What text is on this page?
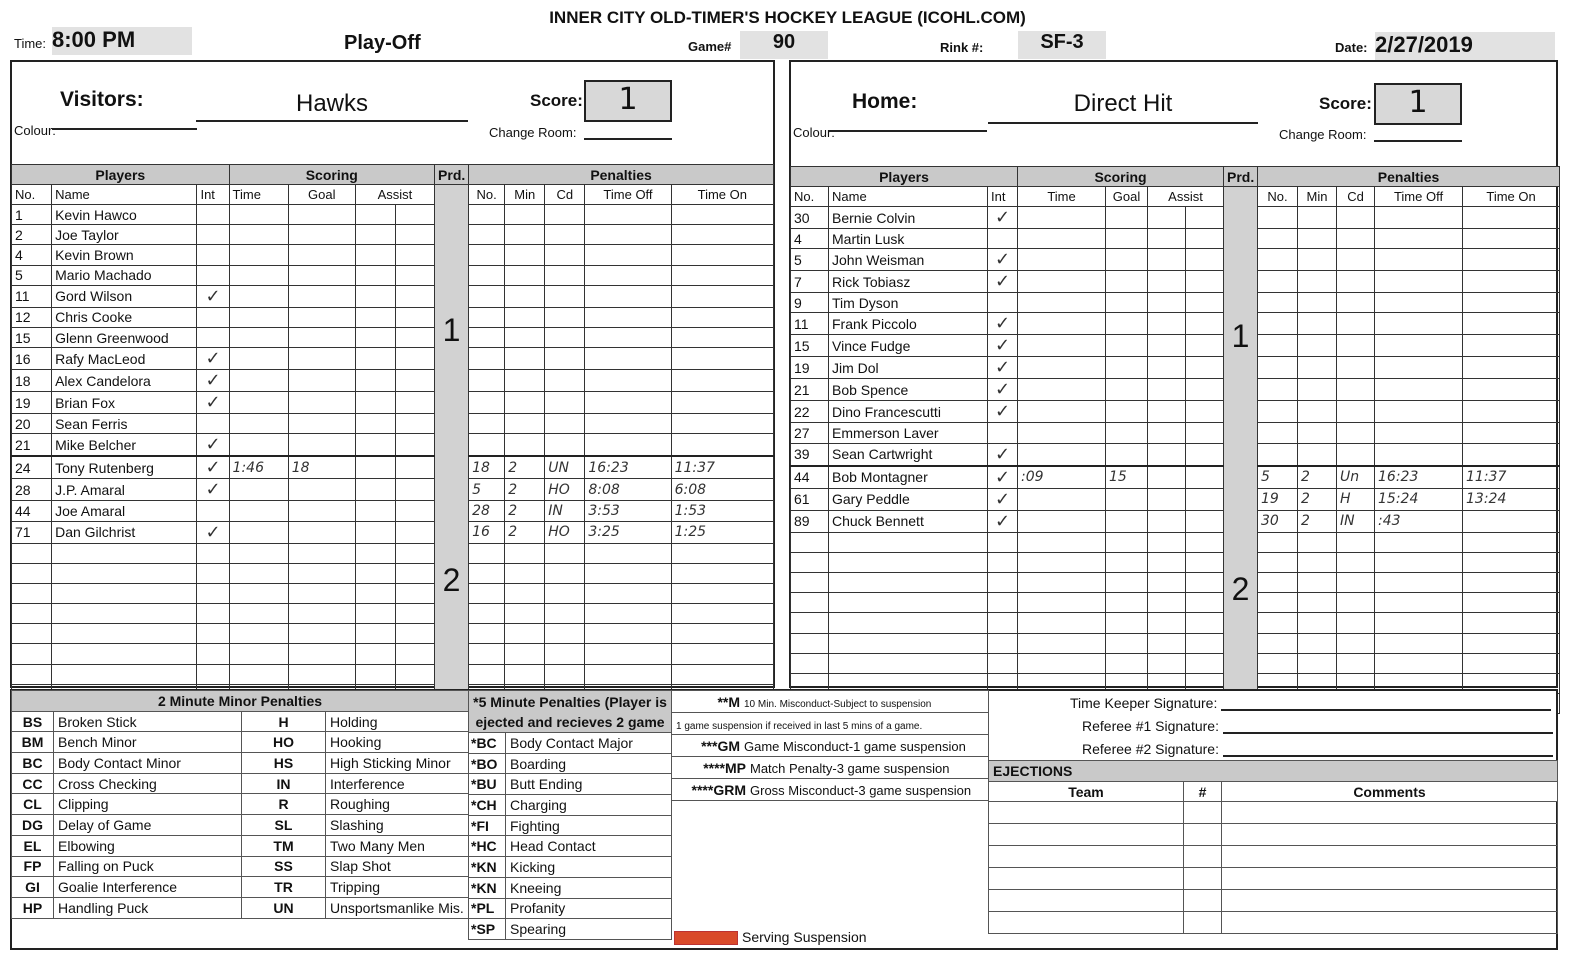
INNER CITY OLD-TIMER'S HOCKEY LEAGUE (ICOHL.COM)
Time: 8:00 PM	Play-Off	Game#	90	Rink #:	SF-3	Date: 2/27/2019
Visitors:
Colour:
Hawks	Score:	1
Change Room:
Players			Scoring				Prd.	Penalties				
No.	Name	Int	Time	Goal	Assist			No.	Min	Cd	Time Off	Time On
1	Kevin Hawco						1					
2	Joe Taylor											
4	Kevin Brown											
5	Mario Machado											
11	Gord Wilson	✓										
12	Chris Cooke											
15	Glenn Greenwood											
16	Rafy MacLeod	✓										
18	Alex Candelora	✓										
19	Brian Fox	✓										
20	Sean Ferris											
21	Mike Belcher	✓										
24	Tony Rutenberg	✓	1:46	18			2	18	2	UN	16:23	11:37
28	J.P. Amaral	✓						5	2	HO	8:08	6:08
44	Joe Amaral							28	2	IN	3:53	1:53
71	Dan Gilchrist	✓						16	2	HO	3:25	1:25

Home:
Colour:
Direct Hit	Score:	1
Change Room:
Players			Scoring				Prd.	Penalties				
No.	Name	Int	Time	Goal	Assist			No.	Min	Cd	Time Off	Time On
30	Bernie Colvin	✓					1					
4	Martin Lusk											
5	John Weisman	✓										
7	Rick Tobiasz	✓										
9	Tim Dyson											
11	Frank Piccolo	✓										
15	Vince Fudge	✓										
19	Jim Dol	✓										
21	Bob Spence	✓										
22	Dino Francescutti	✓										
27	Emmerson Laver											
39	Sean Cartwright	✓										
44	Bob Montagner	✓	:09	15			2	5	2	Un	16:23	11:37
61	Gary Peddle	✓						19	2	H	15:24	13:24
89	Chuck Bennett	✓						30	2	IN	:43	

2 Minute Minor Penalties			
BS	Broken Stick	H	Holding
BM	Bench Minor	HO	Hooking
BC	Body Contact Minor	HS	High Sticking Minor
CC	Cross Checking	IN	Interference
CL	Clipping	R	Roughing
DG	Delay of Game	SL	Slashing
EL	Elbowing	TM	Two Many Men
FP	Falling on Puck	SS	Slap Shot
GI	Goalie Interference	TR	Tripping
HP	Handling Puck	UN	Unsportsmanlike Mis.
*5 Minute Penalties (Player is ejected and recieves 2 game	
*BC	Body Contact Major
*BO	Boarding
*BU	Butt Ending
*CH	Charging
*FI	Fighting
*HC	Head Contact
*KN	Kicking
*KN	Kneeing
*PL	Profanity
*SP	Spearing
**M 10 Min. Misconduct-Subject to suspension
1 game suspension if received in last 5 mins of a game.
***GM Game Misconduct-1 game suspension
****MP Match Penalty-3 game suspension
****GRM Gross Misconduct-3 game suspension

Serving Suspension
Time Keeper Signature:
Referee #1 Signature:
Referee #2 Signature:
EJECTIONS		
Team	#	Comments
